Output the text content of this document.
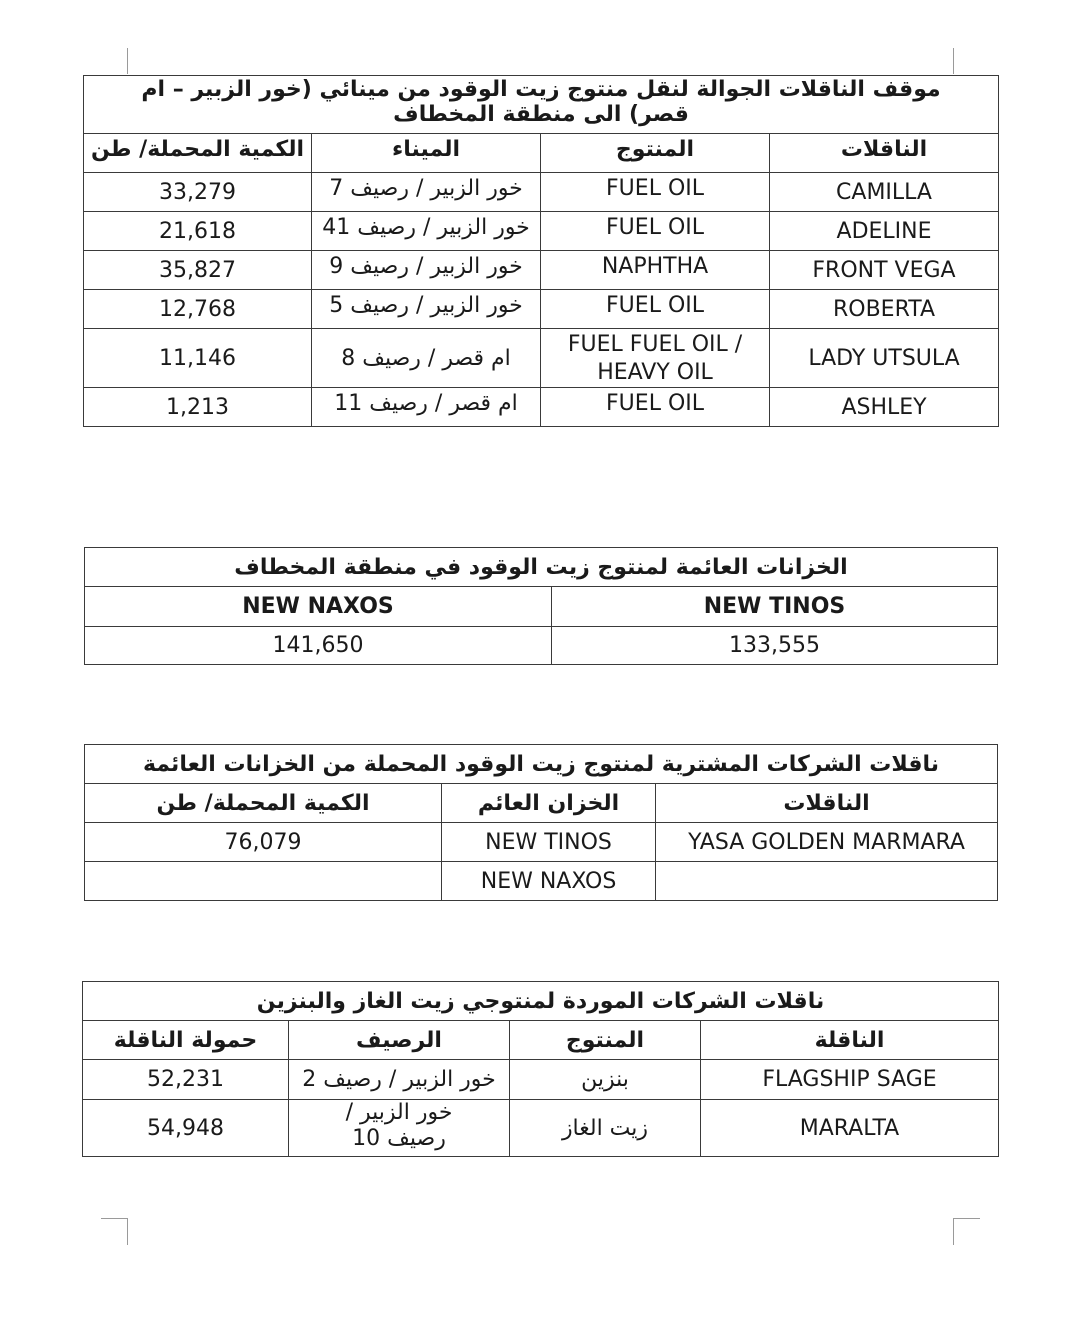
موقف الناقلات الجوالة لنقل منتوج زيت الوقود من مينائي (خور الزبير – ام قصر) الى منطقة المخطاف			
الناقلات	المنتوج	الميناء	الكمية المحملة/ طن
CAMILLA	FUEL OIL	خور الزبير / رصيف 7	33,279
ADELINE	FUEL OIL	خور الزبير / رصيف 41	21,618
FRONT VEGA	NAPHTHA	خور الزبير / رصيف 9	35,827
ROBERTA	FUEL OIL	خور الزبير / رصيف 5	12,768
LADY UTSULA	FUEL FUEL OIL / HEAVY OIL	ام قصر / رصيف 8	11,146
ASHLEY	FUEL OIL	ام قصر / رصيف 11	1,213
الخزانات العائمة لمنتوج زيت الوقود في منطقة المخطاف	
NEW TINOS	NEW NAXOS
133,555	141,650
ناقلات الشركات المشترية لمنتوج زيت الوقود المحملة من الخزانات العائمة		
الناقلات	الخزان العائم	الكمية المحملة/ طن
YASA GOLDEN MARMARA	NEW TINOS	76,079
	NEW NAXOS	
ناقلات الشركات الموردة لمنتوجي زيت الغاز والبنزين			
الناقلة	المنتوج	الرصيف	حمولة الناقلة
FLAGSHIP SAGE	بنزين	خور الزبير / رصيف 2	52,231
MARALTA	زيت الغاز	خور الزبير / رصيف 10	54,948
